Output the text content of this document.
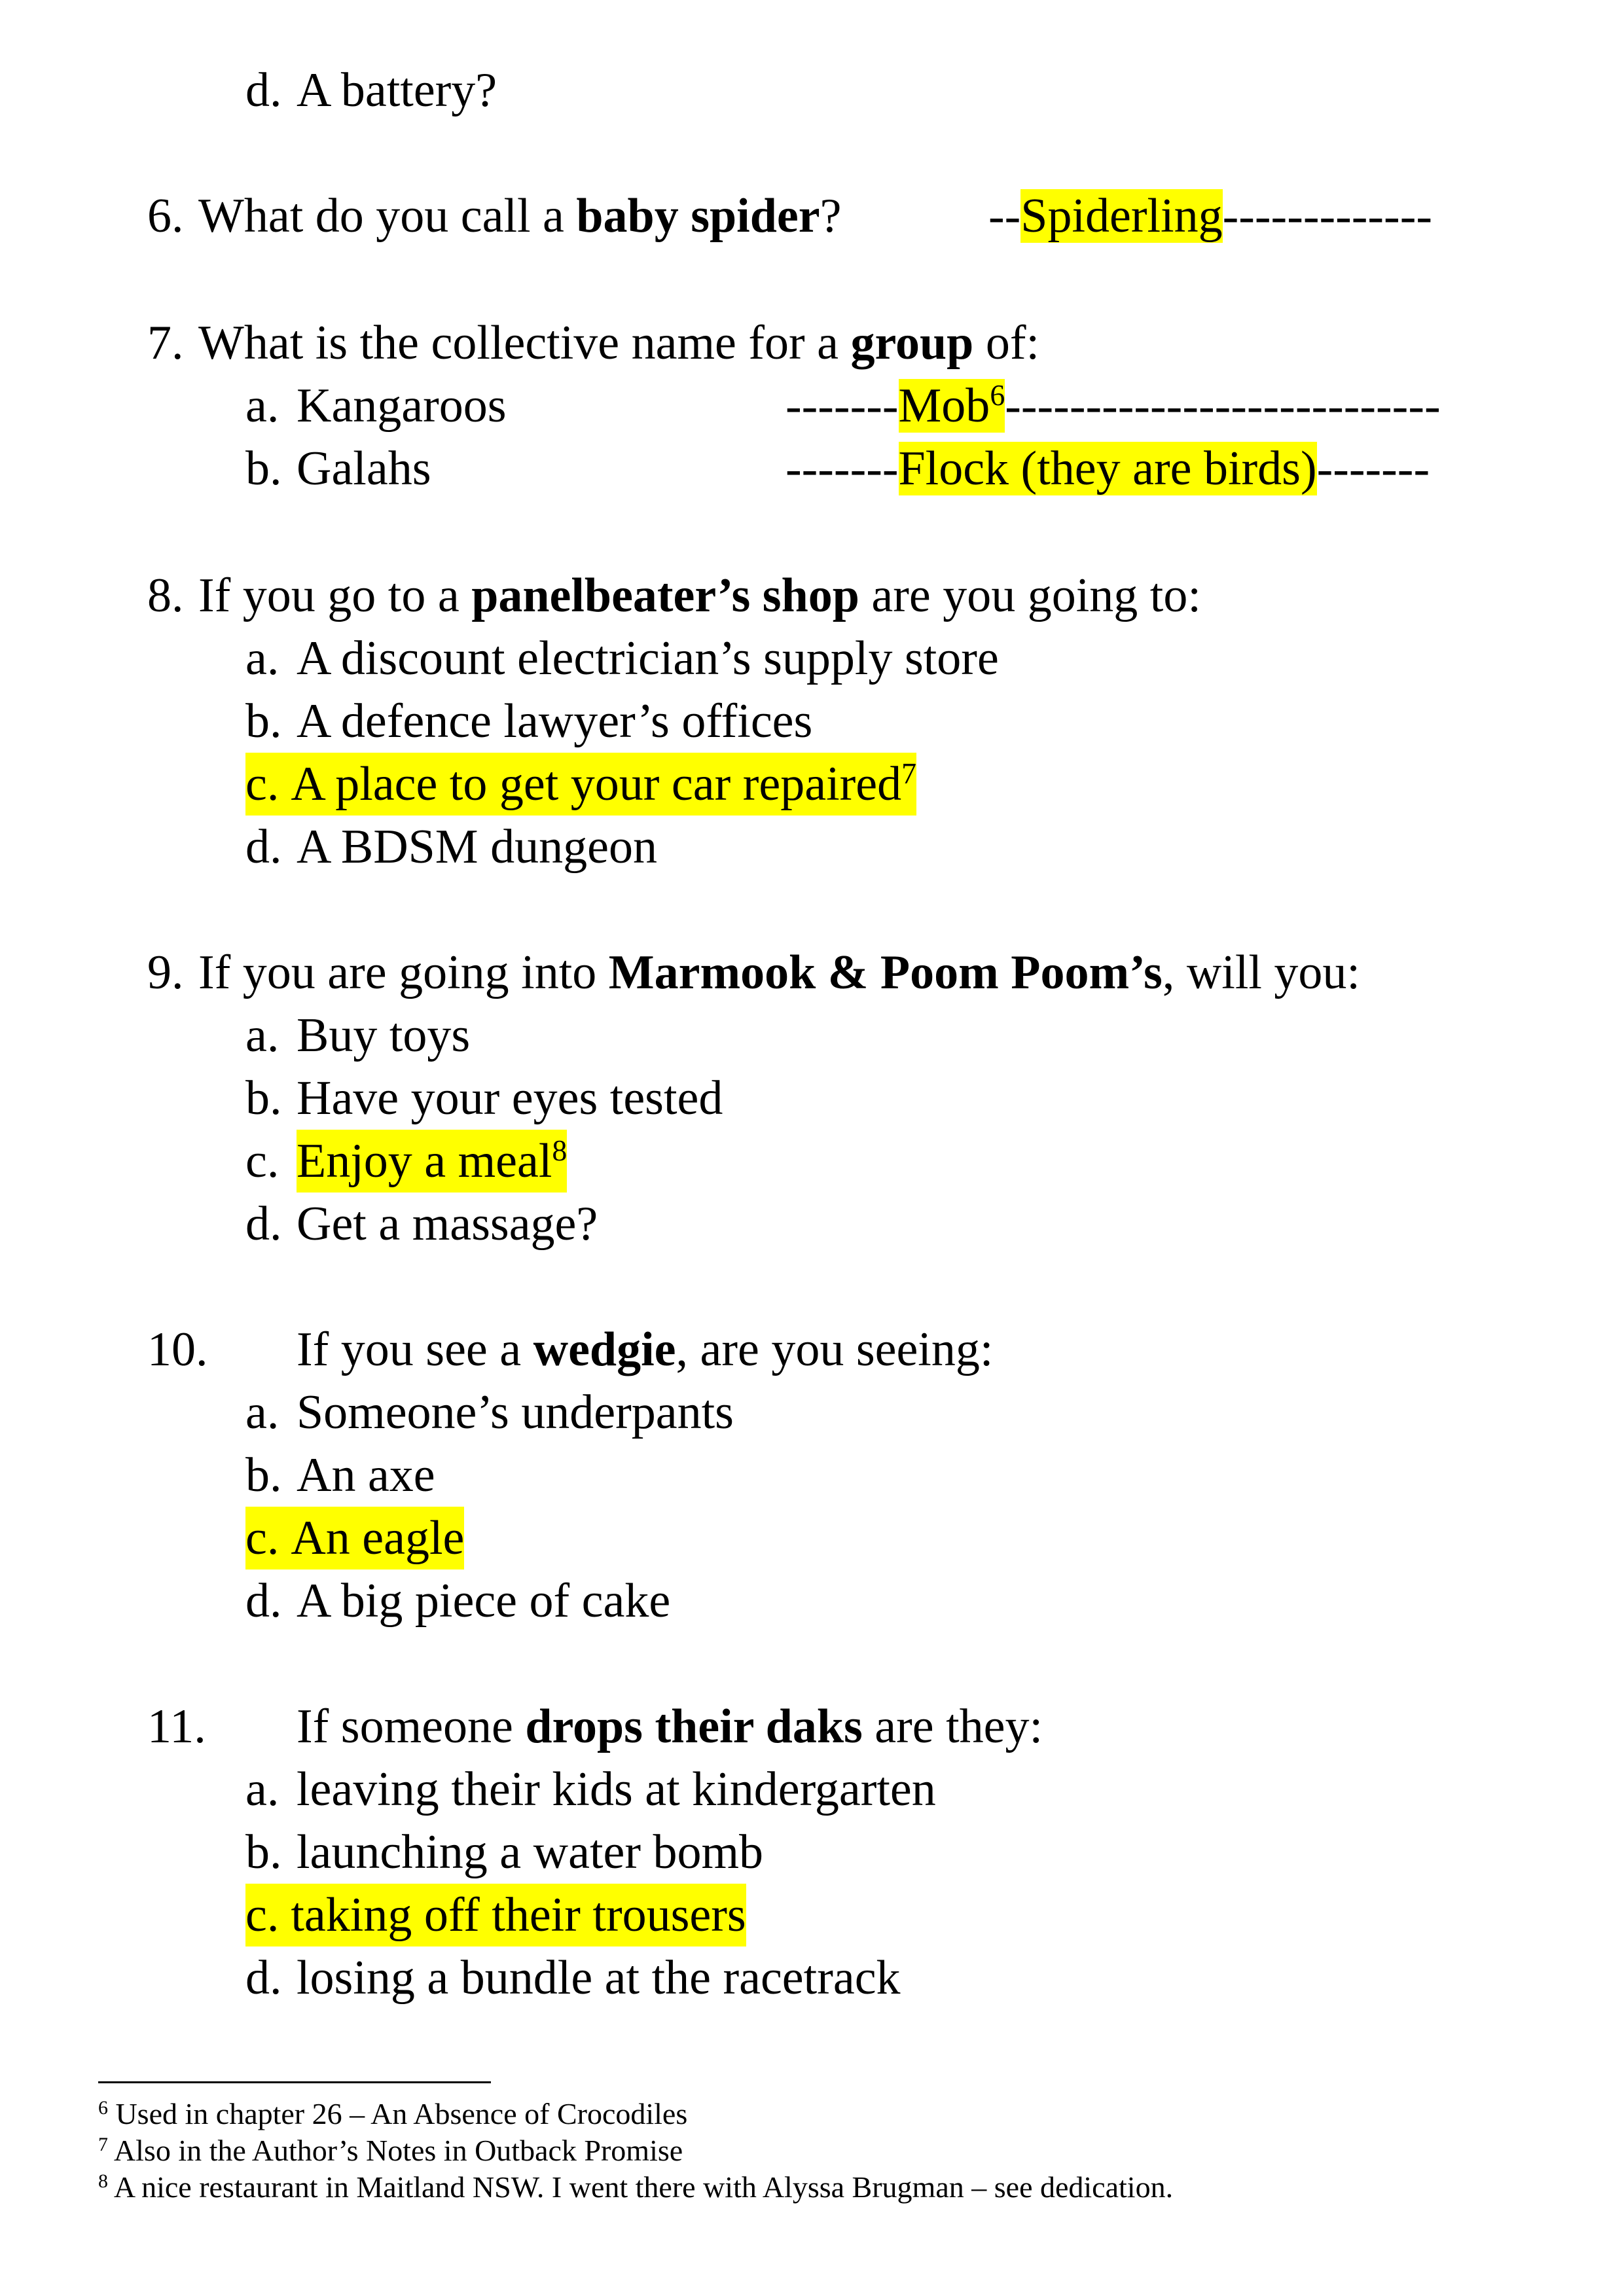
d. A battery?
6. What do you call a baby spider?	--Spiderling-------------
7. What is the collective name for a group of:
a. Kangaroos	-------Mob$^6$---------------------------
b. Galahs	-------Flock (they are birds)-------
8. If you go to a panelbeater’s shop are you going to:
a. A discount electrician’s supply store
b. A defence lawyer’s offices
c. A place to get your car repaired$^7$
d. A BDSM dungeon
9. If you are going into Marmook & Poom Poom’s, will you:
a. Buy toys
b. Have your eyes tested
c. Enjoy a meal$^8$
d. Get a massage?
10. If you see a wedgie, are you seeing:
a. Someone’s underpants
b. An axe
c. An eagle
d. A big piece of cake
11. If someone drops their daks are they:
a. leaving their kids at kindergarten
b. launching a water bomb
c. taking off their trousers
d. losing a bundle at the racetrack
$^6$ Used in chapter 26 – An Absence of Crocodiles
$^7$ Also in the Author’s Notes in Outback Promise
$^8$ A nice restaurant in Maitland NSW. I went there with Alyssa Brugman – see dedication.
